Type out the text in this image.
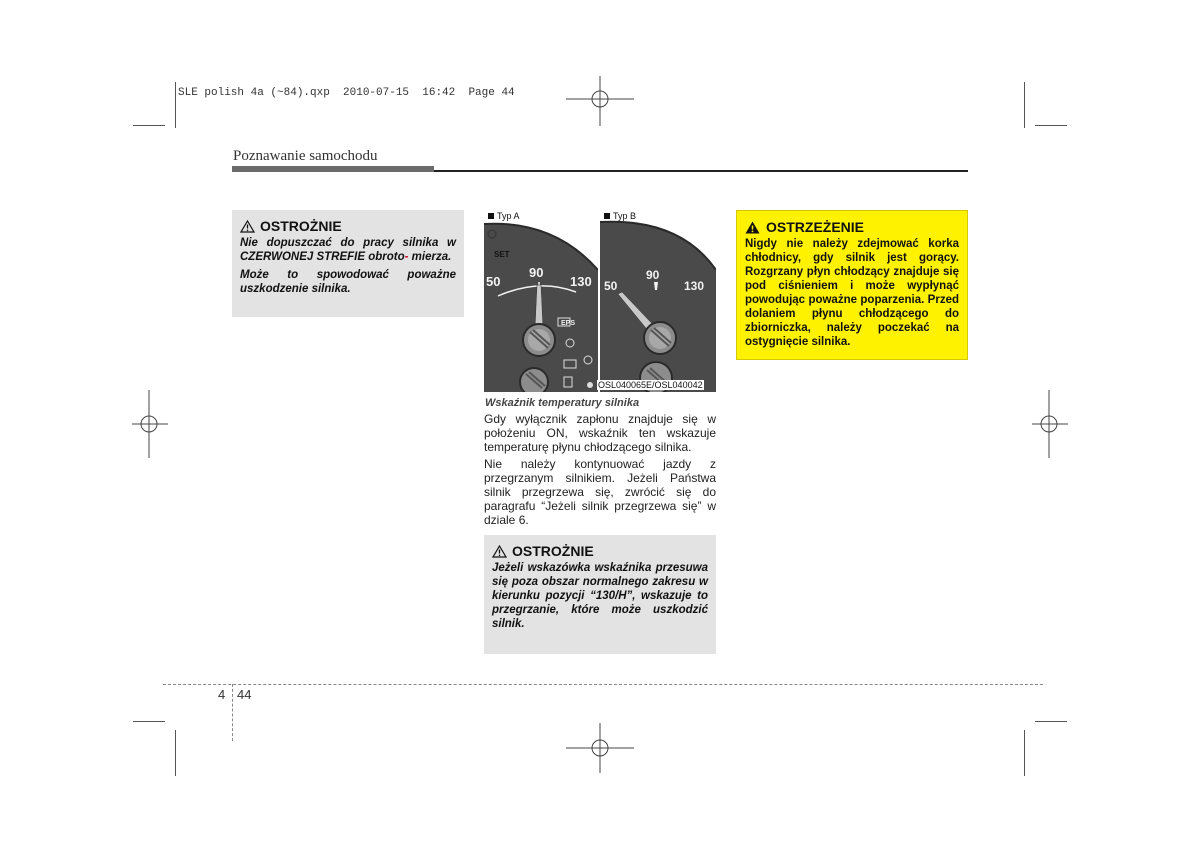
SLE polish 4a (~84).qxp  2010-07-15  16:42  Page 44
Poznawanie samochodu
OSTROŻNIE

Nie dopuszczać do pracy silnika w CZERWONEJ STREFIE obroto- mierza.

Może to spowodować poważne uszkodzenie silnika.

Typ A
SET
50
90
130
EPS
Typ B
50
90
130
OSL040065E/OSL040042
Wskaźnik temperatury silnika

Gdy wyłącznik zapłonu znajduje się w położeniu ON, wskaźnik ten wskazuje temperaturę płynu chłodzącego silnika.

Nie należy kontynuować jazdy z przegrzanym silnikiem. Jeżeli Państwa silnik przegrzewa się, zwrócić się do paragrafu “Jeżeli silnik przegrzewa się” w dziale 6.

OSTROŻNIE
Jeżeli wskazówka wskaźnika przesuwa się poza obszar normalnego zakresu w kierunku pozycji “130/H”, wskazuje to przegrzanie, które może uszkodzić silnik.
OSTRZEŻENIE
Nigdy nie należy zdejmować korka chłodnicy, gdy silnik jest gorący. Rozgrzany płyn chłodzący znajduje się pod ciśnieniem i może wypłynąć powodując poważne poparzenia. Przed dolaniem płynu chłodzącego do zbiorniczka, należy poczekać na ostygnięcie silnika.
4 44
